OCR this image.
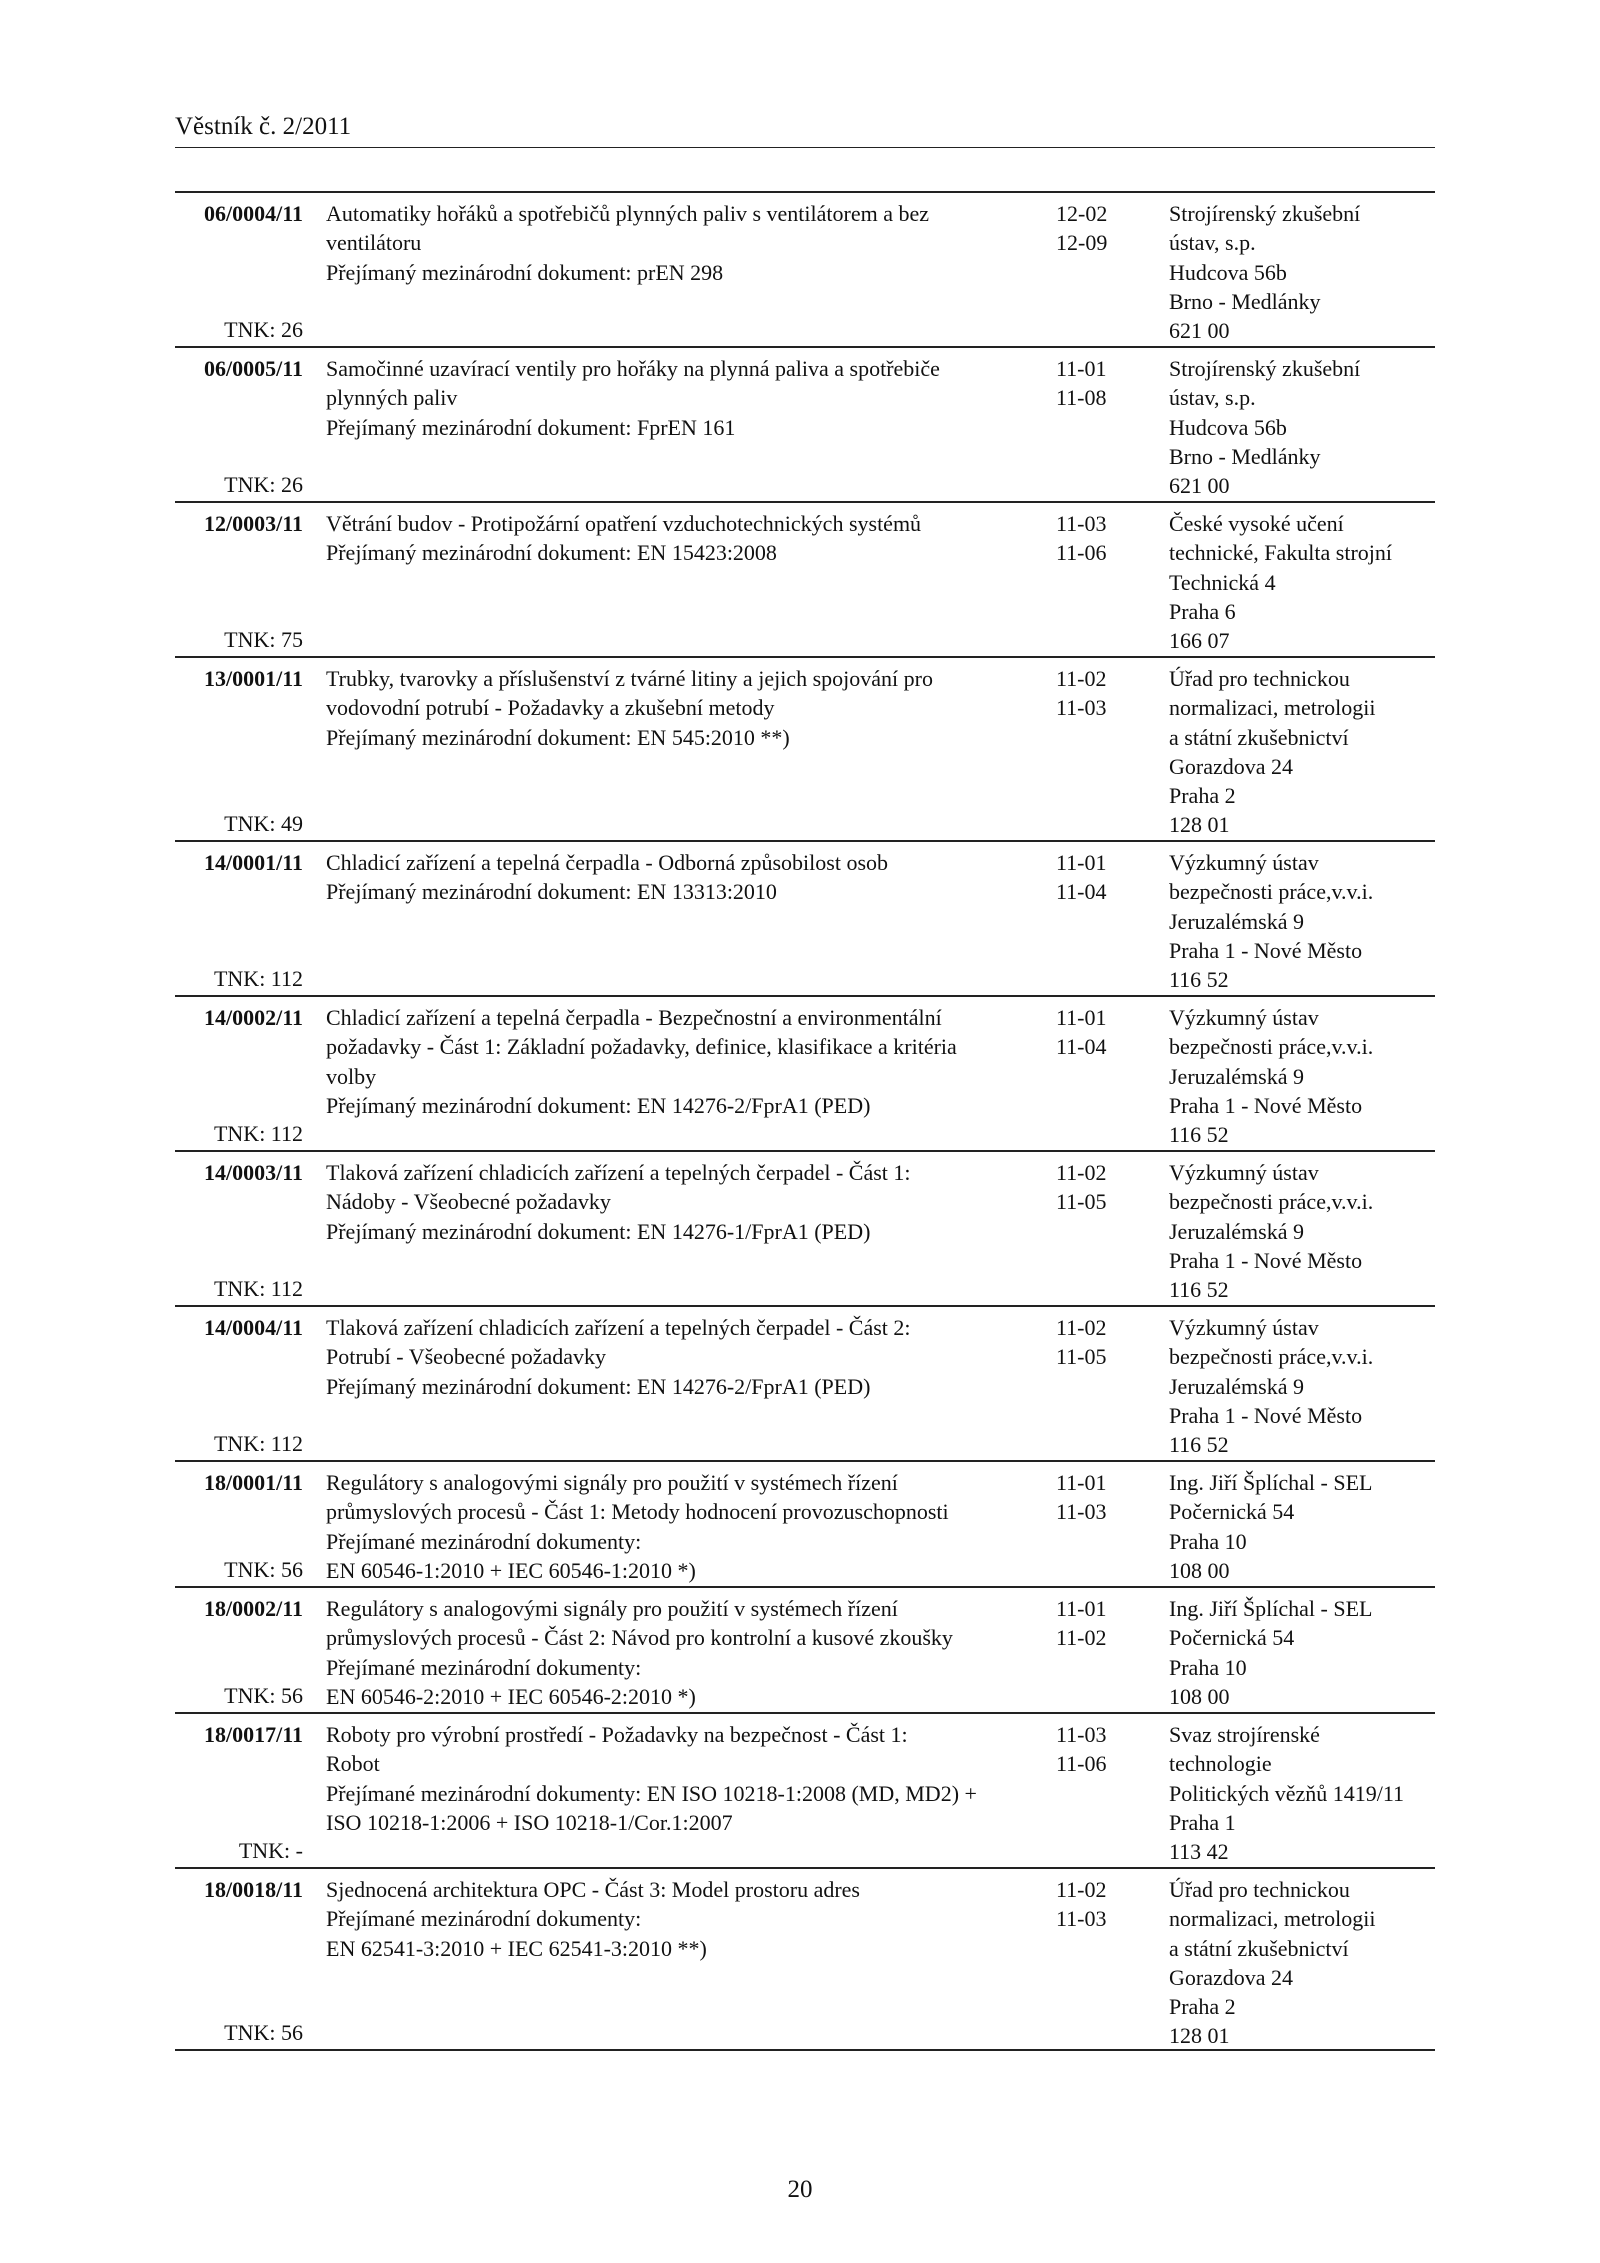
Věstník č. 2/2011
06/0004/11
TNK: 26
Automatiky hořáků a spotřebičů plynných paliv s ventilátorem a bez
ventilátoru
Přejímaný mezinárodní dokument: prEN 298
12-02
12-09
Strojírenský zkušební
ústav, s.p.
Hudcova 56b
Brno - Medlánky
621 00
06/0005/11
TNK: 26
Samočinné uzavírací ventily pro hořáky na plynná paliva a spotřebiče
plynných paliv
Přejímaný mezinárodní dokument: FprEN 161
11-01
11-08
Strojírenský zkušební
ústav, s.p.
Hudcova 56b
Brno - Medlánky
621 00
12/0003/11
TNK: 75
Větrání budov - Protipožární opatření vzduchotechnických systémů
Přejímaný mezinárodní dokument: EN 15423:2008
11-03
11-06
České vysoké učení
technické, Fakulta strojní
Technická 4
Praha 6
166 07
13/0001/11
TNK: 49
Trubky, tvarovky a příslušenství z tvárné litiny a jejich spojování pro
vodovodní potrubí - Požadavky a zkušební metody
Přejímaný mezinárodní dokument: EN 545:2010 **)
11-02
11-03
Úřad pro technickou
normalizaci, metrologii
a státní zkušebnictví
Gorazdova 24
Praha 2
128 01
14/0001/11
TNK: 112
Chladicí zařízení a tepelná čerpadla - Odborná způsobilost osob
Přejímaný mezinárodní dokument: EN 13313:2010
11-01
11-04
Výzkumný ústav
bezpečnosti práce,v.v.i.
Jeruzalémská 9
Praha 1 - Nové Město
116 52
14/0002/11
TNK: 112
Chladicí zařízení a tepelná čerpadla - Bezpečnostní a environmentální
požadavky - Část 1: Základní požadavky, definice, klasifikace a kritéria
volby
Přejímaný mezinárodní dokument: EN 14276-2/FprA1 (PED)
11-01
11-04
Výzkumný ústav
bezpečnosti práce,v.v.i.
Jeruzalémská 9
Praha 1 - Nové Město
116 52
14/0003/11
TNK: 112
Tlaková zařízení chladicích zařízení a tepelných čerpadel - Část 1:
Nádoby - Všeobecné požadavky
Přejímaný mezinárodní dokument: EN 14276-1/FprA1 (PED)
11-02
11-05
Výzkumný ústav
bezpečnosti práce,v.v.i.
Jeruzalémská 9
Praha 1 - Nové Město
116 52
14/0004/11
TNK: 112
Tlaková zařízení chladicích zařízení a tepelných čerpadel - Část 2:
Potrubí - Všeobecné požadavky
Přejímaný mezinárodní dokument: EN 14276-2/FprA1 (PED)
11-02
11-05
Výzkumný ústav
bezpečnosti práce,v.v.i.
Jeruzalémská 9
Praha 1 - Nové Město
116 52
18/0001/11
TNK: 56
Regulátory s analogovými signály pro použití v systémech řízení
průmyslových procesů - Část 1: Metody hodnocení provozuschopnosti
Přejímané mezinárodní dokumenty:
EN 60546-1:2010 + IEC 60546-1:2010 *)
11-01
11-03
Ing. Jiří Šplíchal - SEL
Počernická 54
Praha 10
108 00
18/0002/11
TNK: 56
Regulátory s analogovými signály pro použití v systémech řízení
průmyslových procesů - Část 2: Návod pro kontrolní a kusové zkoušky
Přejímané mezinárodní dokumenty:
EN 60546-2:2010 + IEC 60546-2:2010 *)
11-01
11-02
Ing. Jiří Šplíchal - SEL
Počernická 54
Praha 10
108 00
18/0017/11
TNK: -
Roboty pro výrobní prostředí - Požadavky na bezpečnost - Část 1:
Robot
Přejímané mezinárodní dokumenty: EN ISO 10218-1:2008 (MD, MD2) +
ISO 10218-1:2006 + ISO 10218-1/Cor.1:2007
11-03
11-06
Svaz strojírenské
technologie
Politických vězňů 1419/11
Praha 1
113 42
18/0018/11
TNK: 56
Sjednocená architektura OPC - Část 3: Model prostoru adres
Přejímané mezinárodní dokumenty:
EN 62541-3:2010 + IEC 62541-3:2010 **)
11-02
11-03
Úřad pro technickou
normalizaci, metrologii
a státní zkušebnictví
Gorazdova 24
Praha 2
128 01
20
